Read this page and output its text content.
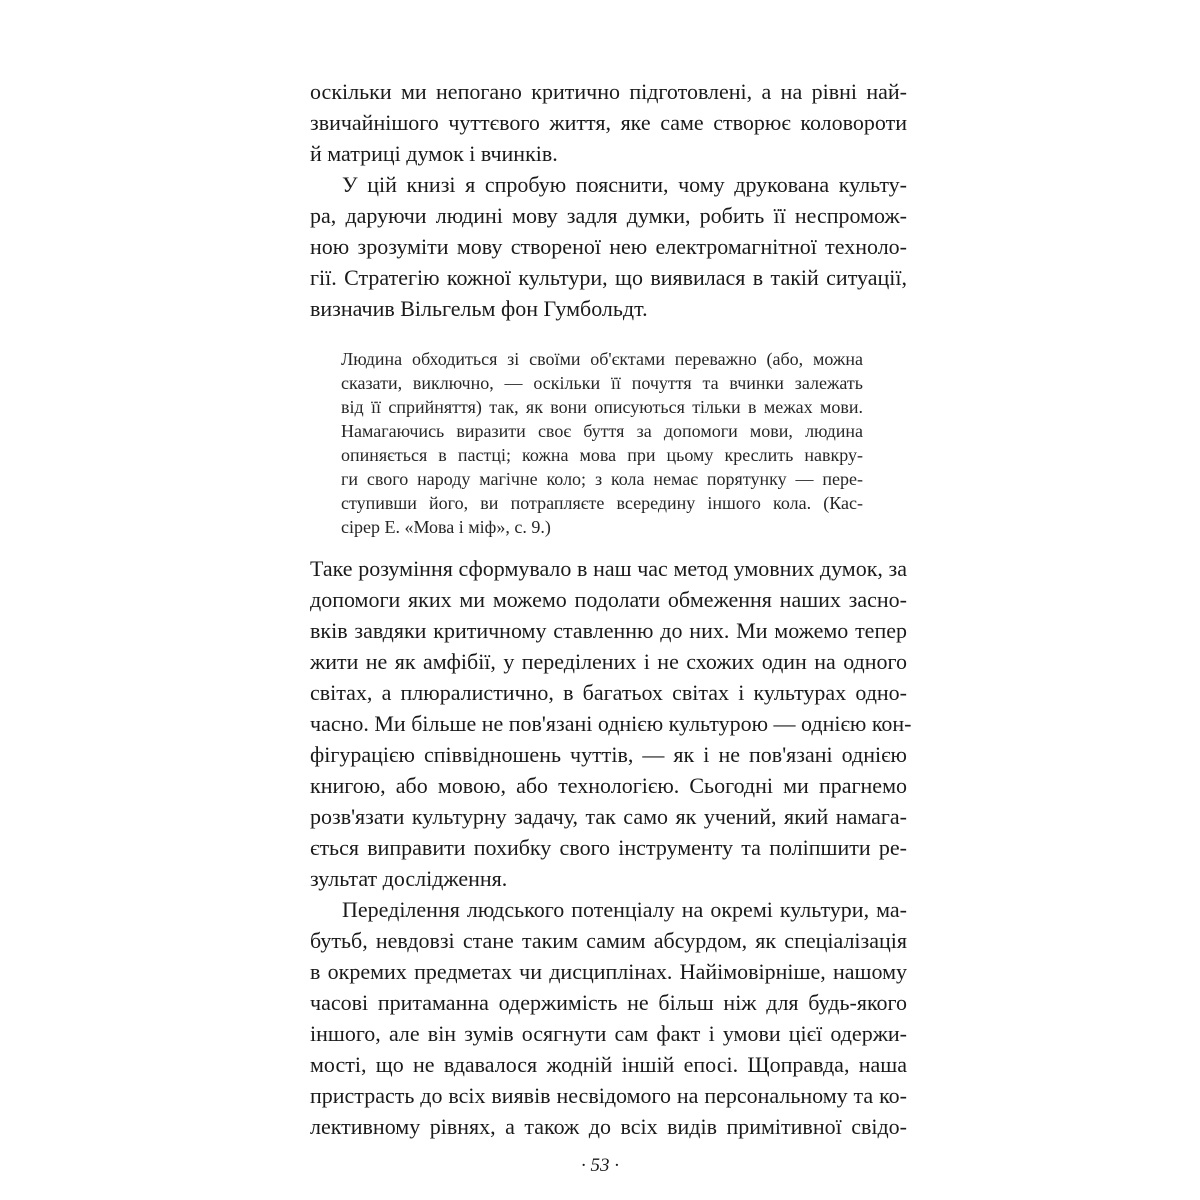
оскільки ми непогано критично підготовлені, а на рівні най-
звичайнішого чуттєвого життя, яке саме створює коловороти
й матриці думок і вчинків.
У цій книзі я спробую пояснити, чому друкована культу-
ра, даруючи людині мову задля думки, робить її неспромож-
ною зрозуміти мову створеної нею електромагнітної техноло-
гії. Стратегію кожної культури, що виявилася в такій ситуації,
визначив Вільгельм фон Гумбольдт.
Людина обходиться зі своїми об'єктами переважно (або, можна
сказати, виключно, — оскільки її почуття та вчинки залежать
від її сприйняття) так, як вони описуються тільки в межах мови.
Намагаючись виразити своє буття за допомоги мови, людина
опиняється в пастці; кожна мова при цьому креслить навкру-
ги свого народу магічне коло; з кола немає порятунку — пере-
ступивши його, ви потрапляєте всередину іншого кола. (Кас-
сірер Е. «Мова і міф», с. 9.)
Таке розуміння сформувало в наш час метод умовних думок, за
допомоги яких ми можемо подолати обмеження наших засно-
вків завдяки критичному ставленню до них. Ми можемо тепер
жити не як амфібії, у переділених і не схожих один на одного
світах, а плюралистично, в багатьох світах і культурах одно-
часно. Ми більше не пов'язані однією культурою — однією кон-
фігурацією співвідношень чуттів, — як і не пов'язані однією
книгою, або мовою, або технологією. Сьогодні ми прагнемо
розв'язати культурну задачу, так само як учений, який намага-
ється виправити похибку свого інструменту та поліпшити ре-
зультат дослідження.
Переділення людського потенціалу на окремі культури, ма-
бутьб, невдовзі стане таким самим абсурдом, як спеціалізація
в окремих предметах чи дисциплінах. Найімовірніше, нашому
часові притаманна одержимість не більш ніж для будь-якого
іншого, але він зумів осягнути сам факт і умови цієї одержи-
мості, що не вдавалося жодній іншій епосі. Щоправда, наша
пристрасть до всіх виявів несвідомого на персональному та ко-
лективному рівнях, а також до всіх видів примітивної свідо-
· 53 ·
